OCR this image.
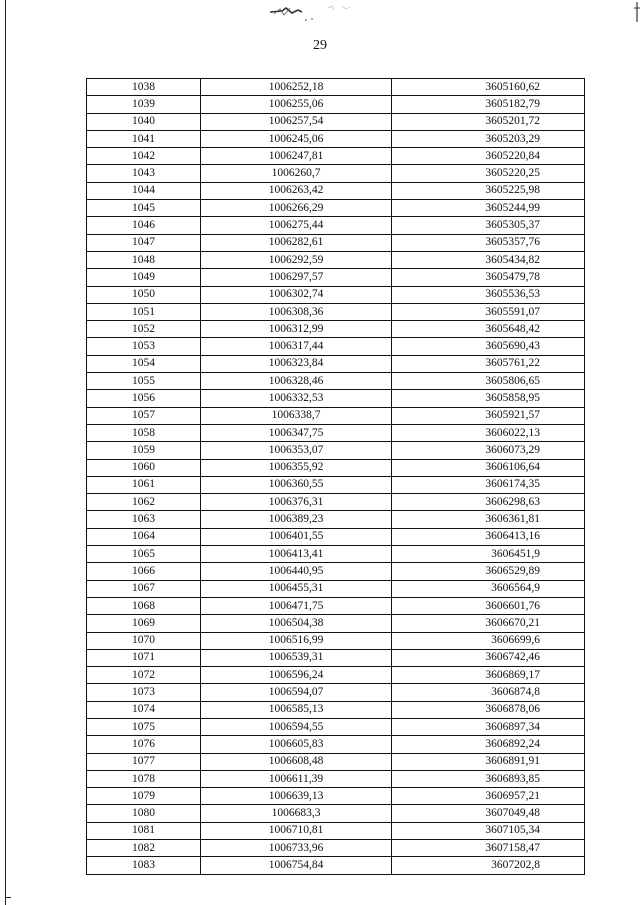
29
1038	1006252,18	3605160,62
1039	1006255,06	3605182,79
1040	1006257,54	3605201,72
1041	1006245,06	3605203,29
1042	1006247,81	3605220,84
1043	1006260,7	3605220,25
1044	1006263,42	3605225,98
1045	1006266,29	3605244,99
1046	1006275,44	3605305,37
1047	1006282,61	3605357,76
1048	1006292,59	3605434,82
1049	1006297,57	3605479,78
1050	1006302,74	3605536,53
1051	1006308,36	3605591,07
1052	1006312,99	3605648,42
1053	1006317,44	3605690,43
1054	1006323,84	3605761,22
1055	1006328,46	3605806,65
1056	1006332,53	3605858,95
1057	1006338,7	3605921,57
1058	1006347,75	3606022,13
1059	1006353,07	3606073,29
1060	1006355,92	3606106,64
1061	1006360,55	3606174,35
1062	1006376,31	3606298,63
1063	1006389,23	3606361,81
1064	1006401,55	3606413,16
1065	1006413,41	3606451,9
1066	1006440,95	3606529,89
1067	1006455,31	3606564,9
1068	1006471,75	3606601,76
1069	1006504,38	3606670,21
1070	1006516,99	3606699,6
1071	1006539,31	3606742,46
1072	1006596,24	3606869,17
1073	1006594,07	3606874,8
1074	1006585,13	3606878,06
1075	1006594,55	3606897,34
1076	1006605,83	3606892,24
1077	1006608,48	3606891,91
1078	1006611,39	3606893,85
1079	1006639,13	3606957,21
1080	1006683,3	3607049,48
1081	1006710,81	3607105,34
1082	1006733,96	3607158,47
1083	1006754,84	3607202,8
